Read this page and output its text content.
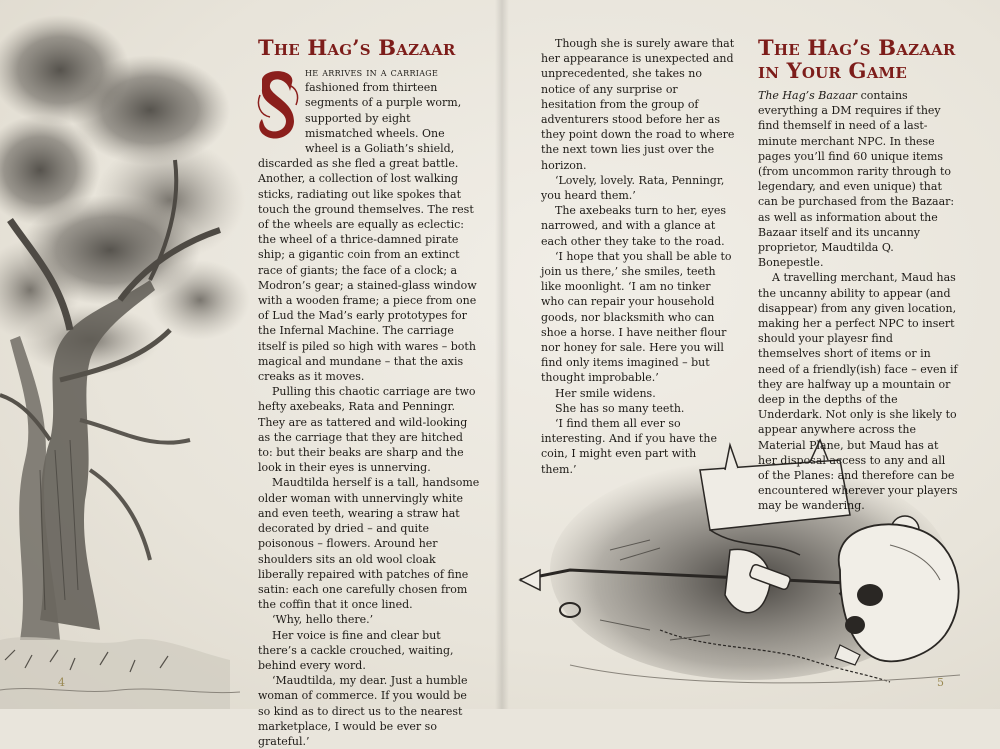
The Hag’s Bazaar

he arrives in a carriage fashioned from thirteen segments of a purple worm, supported by eight mismatched wheels. One wheel is a Goliath’s shield, discarded as she fled a great battle. Another, a collection of lost walking sticks, radiating out like spokes that touch the ground themselves. The rest of the wheels are equally as eclectic: the wheel of a thrice-damned pirate ship; a gigantic coin from an extinct race of giants; the face of a clock; a Modron’s gear; a stained-glass window with a wooden frame; a piece from one of Lud the Mad’s early prototypes for the Infernal Machine. The carriage itself is piled so high with wares – both magical and mundane – that the axis creaks as it moves.

Pulling this chaotic carriage are two hefty axebeaks, Rata and Penningr. They are as tattered and wild-looking as the carriage that they are hitched to: but their beaks are sharp and the look in their eyes is unnerving.

Maudtilda herself is a tall, handsome older woman with unnervingly white and even teeth, wearing a straw hat decorated by dried – and quite poisonous – flowers. Around her shoulders sits an old wool cloak liberally repaired with patches of fine satin: each one carefully chosen from the coffin that it once lined.

‘Why, hello there.’

Her voice is fine and clear but there’s a cackle crouched, waiting, behind every word.

‘Maudtilda, my dear. Just a humble woman of commerce. If you would be so kind as to direct us to the nearest marketplace, I would be ever so grateful.’

Though she is surely aware that her appearance is unexpected and unprecedented, she takes no notice of any surprise or hesitation from the group of adventurers stood before her as they point down the road to where the next town lies just over the horizon.

‘Lovely, lovely. Rata, Penningr, you heard them.’

The axebeaks turn to her, eyes narrowed, and with a glance at each other they take to the road.

‘I hope that you shall be able to join us there,’ she smiles, teeth like moonlight. ‘I am no tinker who can repair your household goods, nor blacksmith who can shoe a horse. I have neither flour nor honey for sale. Here you will find only items imagined – but thought improbable.’

Her smile widens.

She has so many teeth.

‘I find them all ever so interesting. And if you have the coin, I might even part with them.’

The Hag’s Bazaar in Your Game

The Hag’s Bazaar contains everything a DM requires if they find themself in need of a last-minute merchant NPC. In these pages you’ll find 60 unique items (from uncommon rarity through to legendary, and even unique) that can be purchased from the Bazaar: as well as information about the Bazaar itself and its uncanny proprietor, Maudtilda Q. Bonepestle.

A travelling merchant, Maud has the uncanny ability to appear (and disappear) from any given location, making her a perfect NPC to insert should your playesr find themselves short of items or in need of a friendly(ish) face – even if they are halfway up a mountain or deep in the depths of the Underdark. Not only is she likely to appear anywhere across the Material Plane, but Maud has at her disposal access to any and all of the Planes: and therefore can be encountered wherever your players may be wandering.

4	5
